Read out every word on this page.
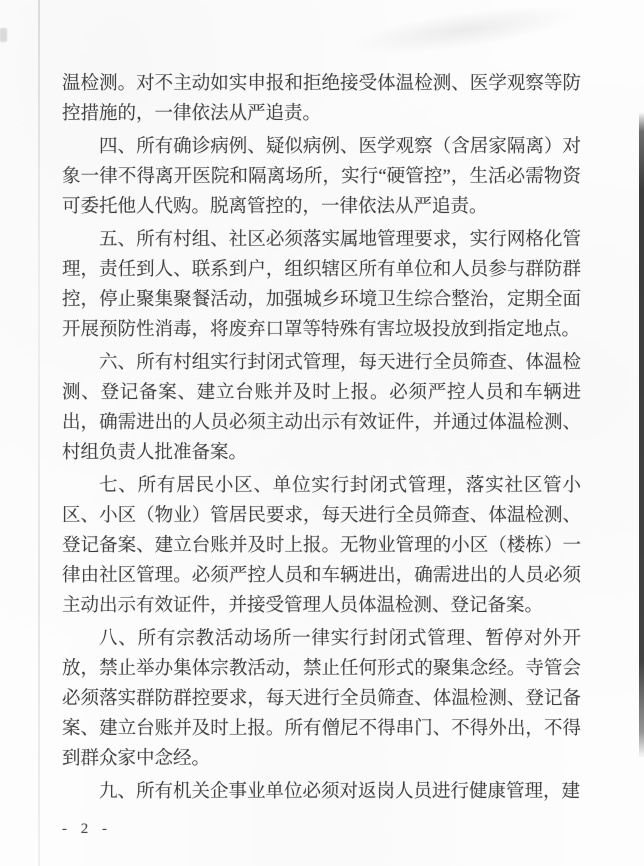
温检测。对不主动如实申报和拒绝接受体温检测、医学观察等防控措施的，一律依法从严追责。

四、所有确诊病例、疑似病例、医学观察（含居家隔离）对象一律不得离开医院和隔离场所，实行“硬管控”，生活必需物资可委托他人代购。脱离管控的，一律依法从严追责。

五、所有村组、社区必须落实属地管理要求，实行网格化管理，责任到人、联系到户，组织辖区所有单位和人员参与群防群控，停止聚集聚餐活动，加强城乡环境卫生综合整治，定期全面开展预防性消毒，将废弃口罩等特殊有害垃圾投放到指定地点。

六、所有村组实行封闭式管理，每天进行全员筛查、体温检测、登记备案、建立台账并及时上报。必须严控人员和车辆进出，确需进出的人员必须主动出示有效证件，并通过体温检测、村组负责人批准备案。

七、所有居民小区、单位实行封闭式管理，落实社区管小区、小区（物业）管居民要求，每天进行全员筛查、体温检测、登记备案、建立台账并及时上报。无物业管理的小区（楼栋）一律由社区管理。必须严控人员和车辆进出，确需进出的人员必须主动出示有效证件，并接受管理人员体温检测、登记备案。

八、所有宗教活动场所一律实行封闭式管理、暂停对外开放，禁止举办集体宗教活动，禁止任何形式的聚集念经。寺管会必须落实群防群控要求，每天进行全员筛查、体温检测、登记备案、建立台账并及时上报。所有僧尼不得串门、不得外出，不得到群众家中念经。

九、所有机关企事业单位必须对返岗人员进行健康管理，建

- 2 -
